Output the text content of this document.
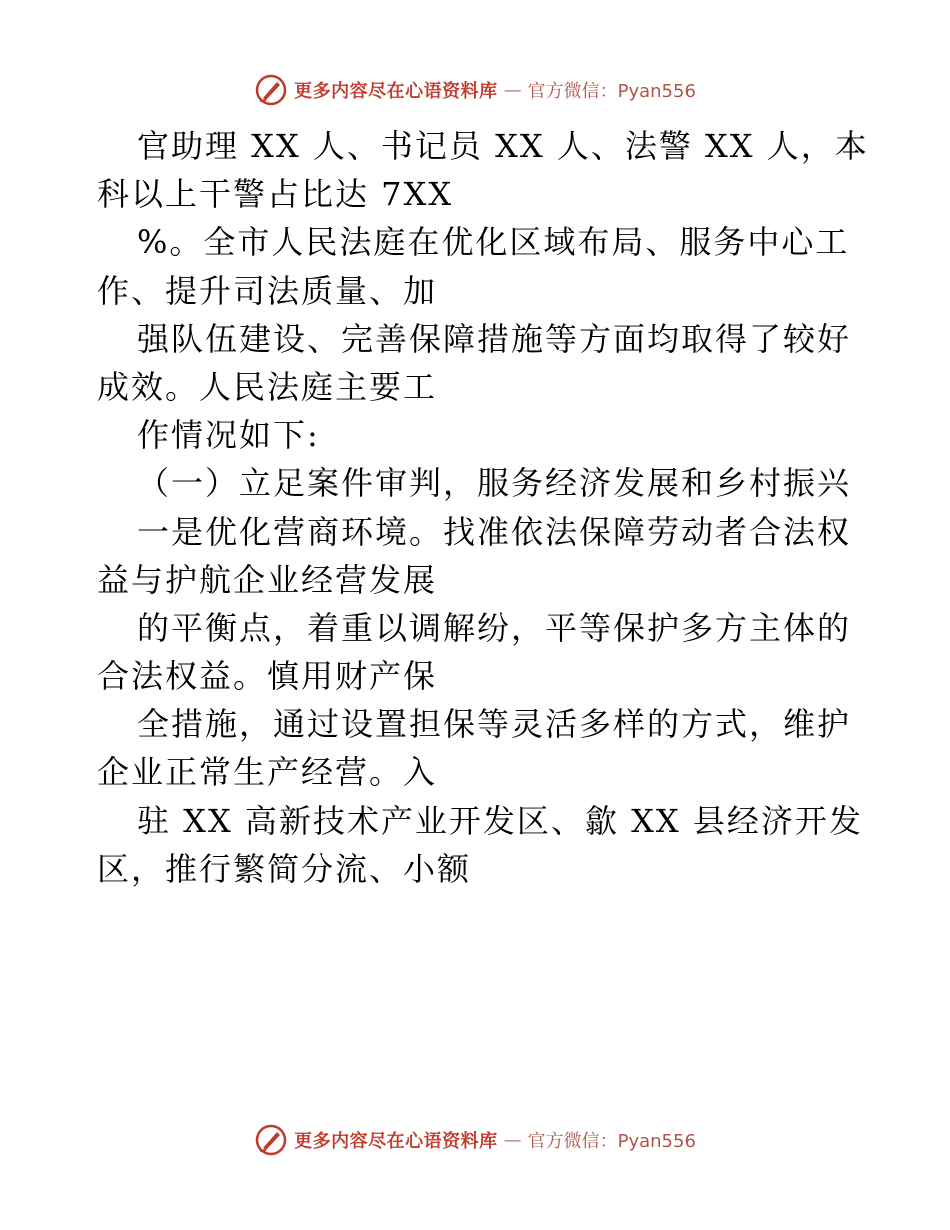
更多内容尽在心语资料库 — 官方微信：Pyan556
官助理 XX 人、书记员 XX 人、法警 XX 人，本
科以上干警占比达 7XX
%。全市人民法庭在优化区域布局、服务中心工
作、提升司法质量、加
强队伍建设、完善保障措施等方面均取得了较好
成效。人民法庭主要工
作情况如下:
（一）立足案件审判，服务经济发展和乡村振兴
一是优化营商环境。找准依法保障劳动者合法权
益与护航企业经营发展
的平衡点，着重以调解纷，平等保护多方主体的
合法权益。慎用财产保
全措施，通过设置担保等灵活多样的方式，维护
企业正常生产经营。入
驻 XX 高新技术产业开发区、歙 XX 县经济开发
区，推行繁简分流、小额
更多内容尽在心语资料库 — 官方微信：Pyan556
